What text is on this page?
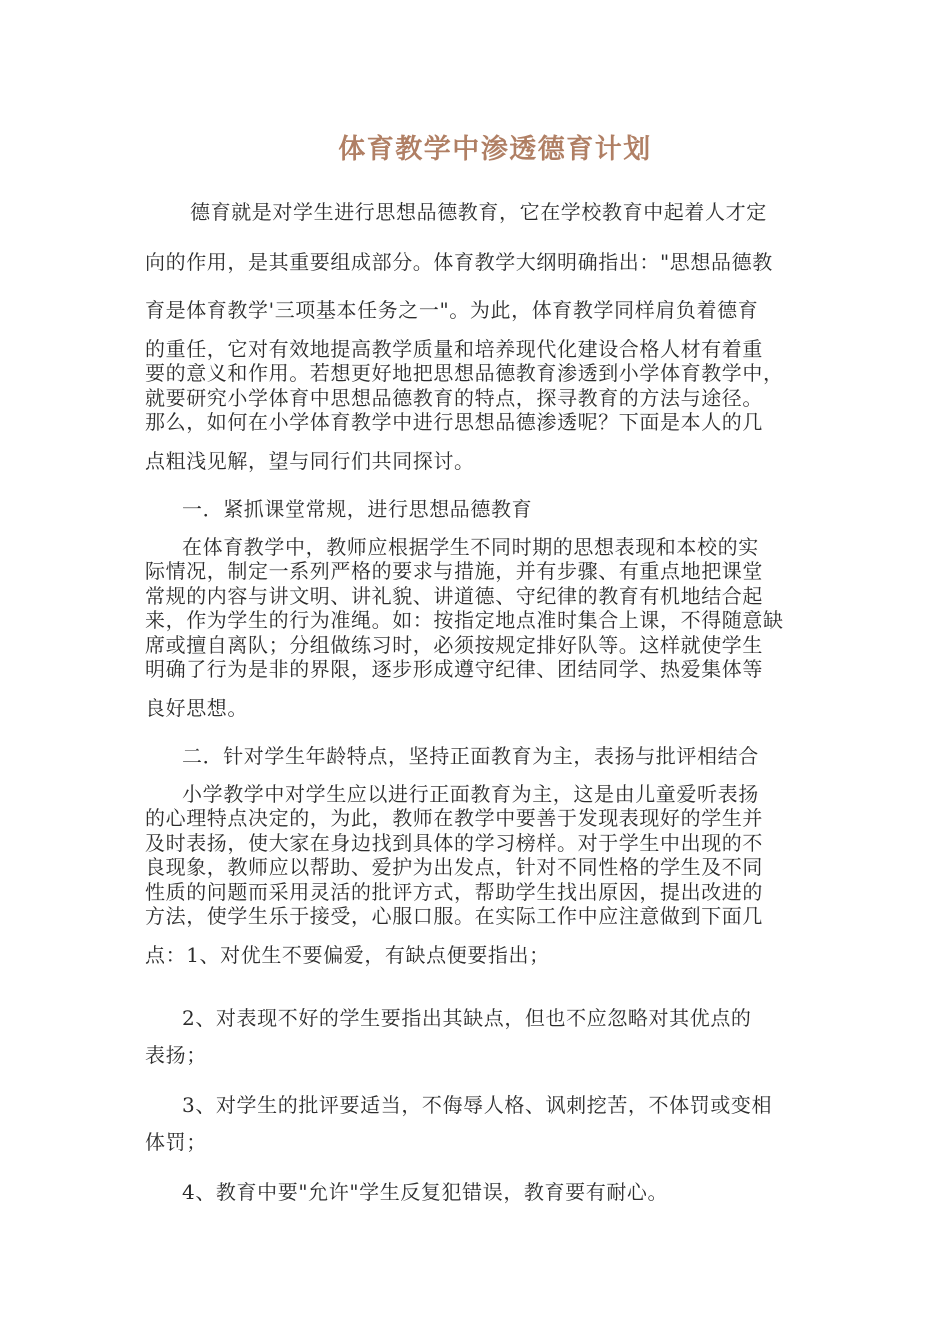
体育教学中渗透德育计划
德育就是对学生进行思想品德教育，它在学校教育中起着人才定
向的作用，是其重要组成部分。体育教学大纲明确指出："思想品德教
育是体育教学'三项基本任务之一"。为此，体育教学同样肩负着德育
的重任，它对有效地提高教学质量和培养现代化建设合格人材有着重
要的意义和作用。若想更好地把思想品德教育渗透到小学体育教学中，
就要研究小学体育中思想品德教育的特点，探寻教育的方法与途径。
那么，如何在小学体育教学中进行思想品德渗透呢？下面是本人的几
点粗浅见解，望与同行们共同探讨。
一．紧抓课堂常规，进行思想品德教育
在体育教学中，教师应根据学生不同时期的思想表现和本校的实
际情况，制定一系列严格的要求与措施，并有步骤、有重点地把课堂
常规的内容与讲文明、讲礼貌、讲道德、守纪律的教育有机地结合起
来，作为学生的行为准绳。如：按指定地点准时集合上课，不得随意缺
席或擅自离队；分组做练习时，必须按规定排好队等。这样就使学生
明确了行为是非的界限，逐步形成遵守纪律、团结同学、热爱集体等
良好思想。
二．针对学生年龄特点，坚持正面教育为主，表扬与批评相结合
小学教学中对学生应以进行正面教育为主，这是由儿童爱听表扬
的心理特点决定的，为此，教师在教学中要善于发现表现好的学生并
及时表扬，使大家在身边找到具体的学习榜样。对于学生中出现的不
良现象，教师应以帮助、爱护为出发点，针对不同性格的学生及不同
性质的问题而采用灵活的批评方式，帮助学生找出原因，提出改进的
方法，使学生乐于接受，心服口服。在实际工作中应注意做到下面几
点：1、对优生不要偏爱，有缺点便要指出；
2、对表现不好的学生要指出其缺点，但也不应忽略对其优点的
表扬；
3、对学生的批评要适当，不侮辱人格、讽刺挖苦，不体罚或变相
体罚；
4、教育中要"允许"学生反复犯错误，教育要有耐心。
